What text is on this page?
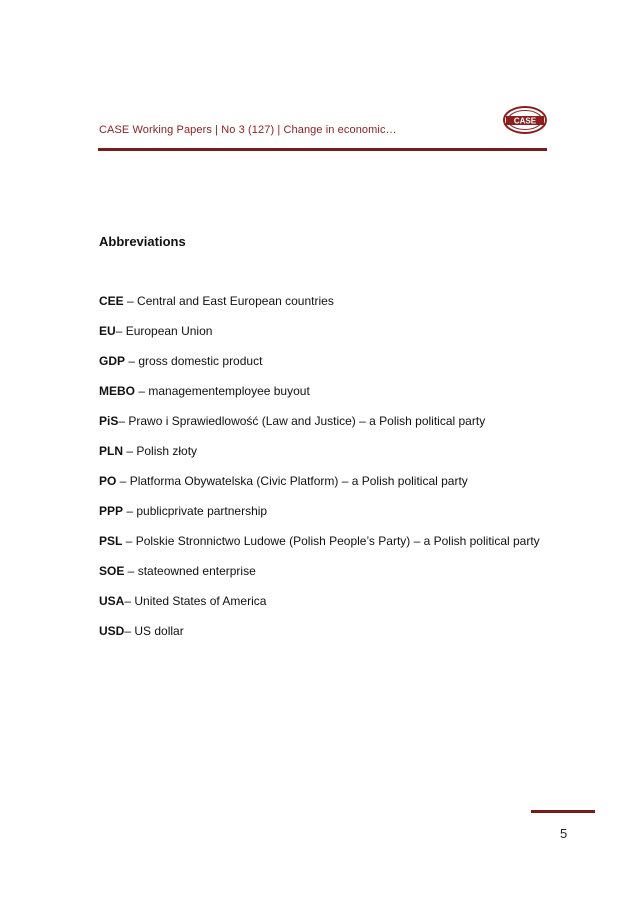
CASE Working Papers | No 3 (127) | Change in economic…
CASE
Abbreviations
CEE – Central and East European countries
EU– European Union
GDP – gross domestic product
MEBO – managementemployee buyout
PiS– Prawo i Sprawiedlowość (Law and Justice) – a Polish political party
PLN – Polish złoty
PO – Platforma Obywatelska (Civic Platform) – a Polish political party
PPP – publicprivate partnership
PSL – Polskie Stronnictwo Ludowe (Polish People’s Party) – a Polish political party
SOE – stateowned enterprise
USA– United States of America
USD– US dollar
5
